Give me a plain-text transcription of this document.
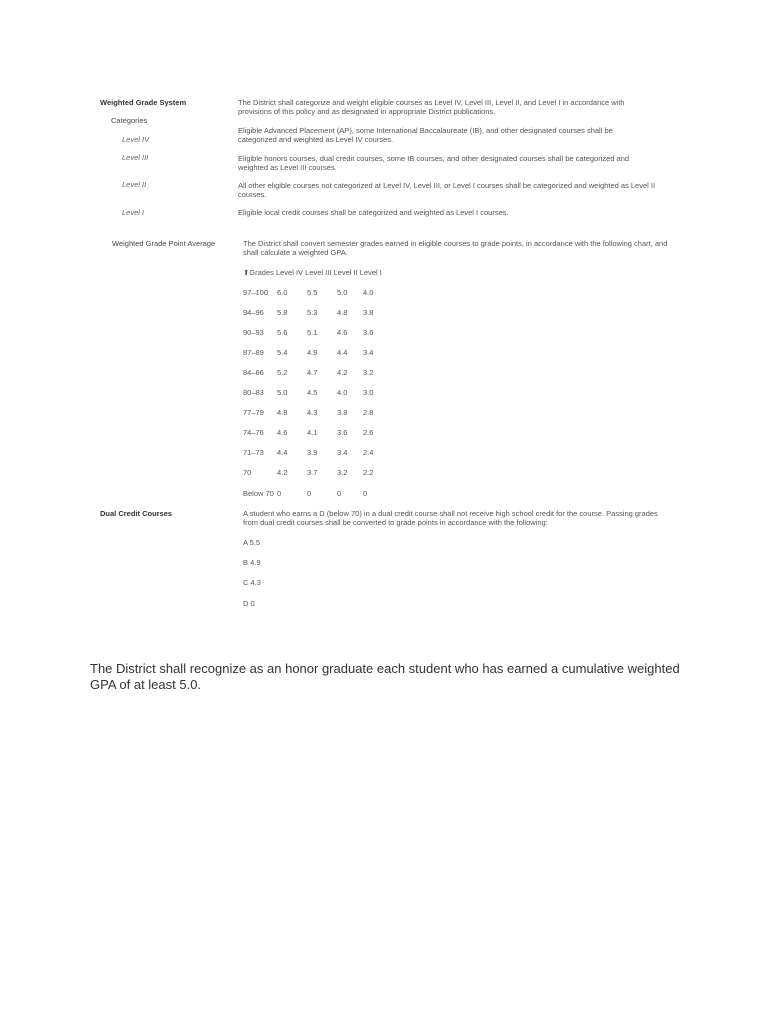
Weighted Grade System	The District shall categorize and weight eligible courses as Level IV, Level III, Level II, and Level I in accordance with provisions of this policy and as designated in appropriate District publications.
Categories
Level IV
Eligible Advanced Placement (AP), some International Baccalaureate (IB), and other designated courses shall be categorized and weighted as Level IV courses.
Level III	Eligible honors courses, dual credit courses, some IB courses, and other designated courses shall be categorized and weighted as Level III courses.
Level II	All other eligible courses not categorized at Level IV, Level III, or Level I courses shall be categorized and weighted as Level II courses.
Level I	Eligible local credit courses shall be categorized and weighted as Level I courses.
Weighted Grade Point Average	The District shall convert semester grades earned in eligible courses to grade points, in accordance with the following chart, and shall calculate a weighted GPA.
⬆Grades Level IV Level III Level II Level I
97–100 6.0	5.5	5.0 4.0
94–96 5.8	5.3	4.8 3.8
90–93 5.6	5.1	4.6 3.6
87–89 5.4	4.9	4.4 3.4
84–86 5.2	4.7	4.2 3.2
80–83 5.0	4.5	4.0 3.0
77–79 4.8	4.3	3.8 2.8
74–76 4.6	4.1	3.6 2.6
71–73 4.4	3.9	3.4 2.4
70	4.2	3.7	3.2 2.2
Below 70 0	0	0	0
Dual Credit Courses	A student who earns a D (below 70) in a dual credit course shall not receive high school credit for the course. Passing grades from dual credit courses shall be converted to grade points in accordance with the following:
A 5.5
B 4.9
C 4.3
D 0
The District shall recognize as an honor graduate each student who has earned a cumulative weighted GPA of at least 5.0.
